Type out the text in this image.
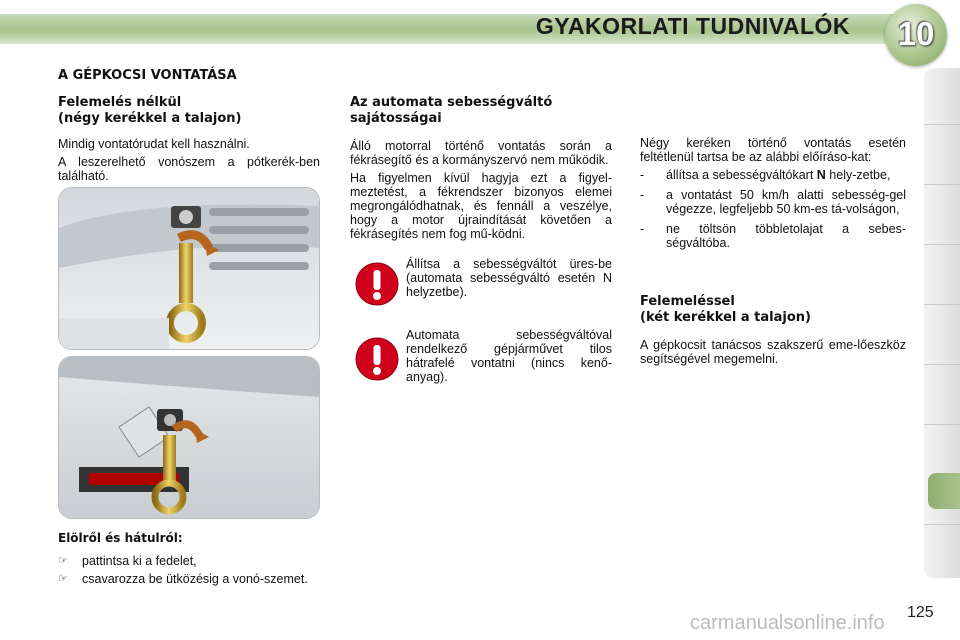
GYAKORLATI TUDNIVALÓK	10
A GÉPKOCSI VONTATÁSA
Felemelés nélkül
(négy kerékkel a talajon)

Mindig vontatórudat kell használni.

A leszerelhető vonószem a pótkerék-ben található.

Elölről és hátulról:
☞	pattintsa ki a fedelet,
☞	csavarozza be ütközésig a vonó-szemet.
Az automata sebességváltó
sajátosságai

Álló motorral történő vontatás során a fékrásegítő és a kormányszervó nem működik.

Ha figyelmen kívül hagyja ezt a figyel-meztetést, a fékrendszer bizonyos elemei megrongálódhatnak, és fennáll a veszélye, hogy a motor újraindítását követően a fékrásegítés nem fog mű-ködni.

Állítsa a sebességváltót üres-be (automata sebességváltó esetén N helyzetbe).
Automata sebességváltóval rendelkező gépjárművet tilos hátrafelé vontatni (nincs kenő-anyag).

Négy keréken történő vontatás esetén feltétlenül tartsa be az alábbi előíráso-kat:

-	állítsa a sebességváltókart N hely-zetbe,
-	a vontatást 50 km/h alatti sebesség-gel végezze, legfeljebb 50 km-es tá-volságon,
-	ne töltsön többletolajat a sebes-ségváltóba.
Felemeléssel
(két kerékkel a talajon)

A gépkocsit tanácsos szakszerű eme-lőeszköz segítségével megemelni.

carmanualsonline.info 125
